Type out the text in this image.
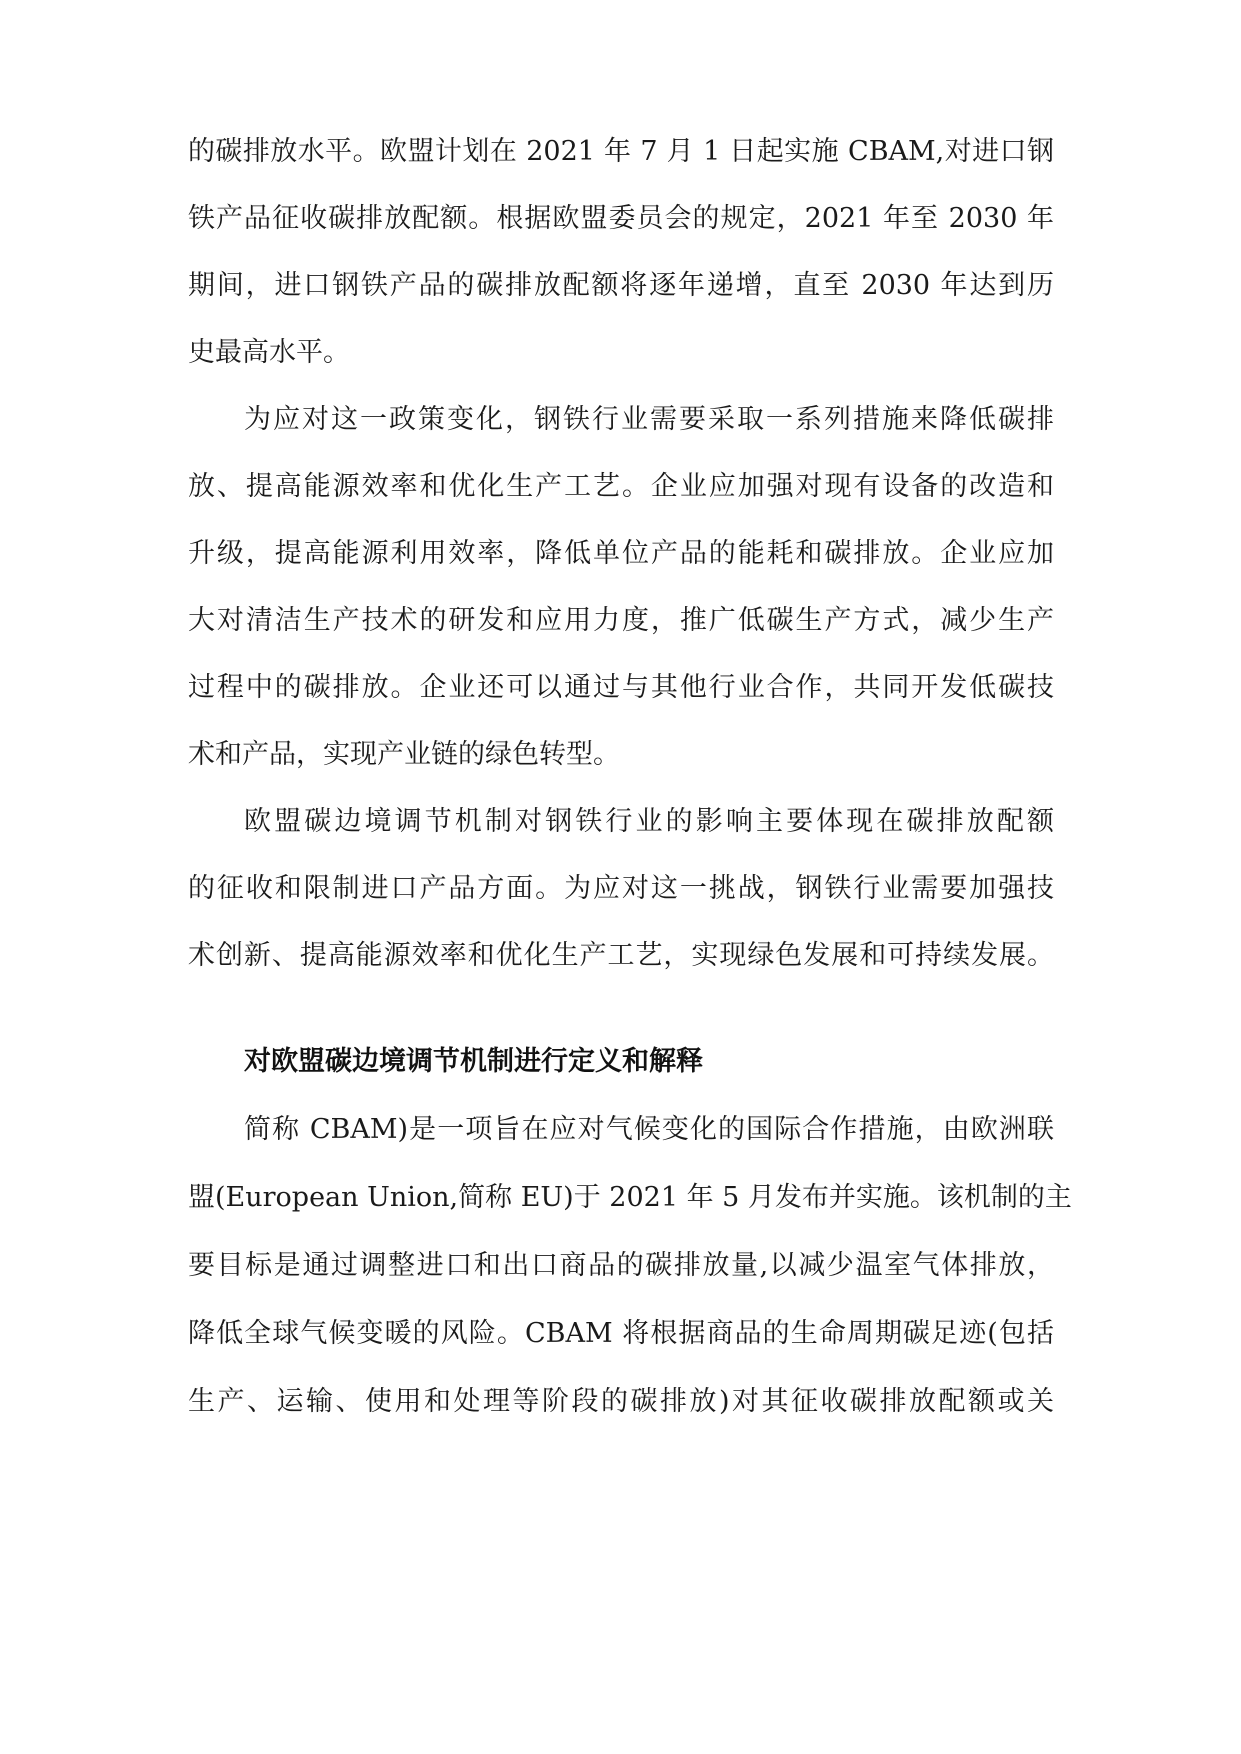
的碳排放水平。欧盟计划在 2021 年 7 月 1 日起实施 CBAM,对进口钢
铁产品征收碳排放配额。根据欧盟委员会的规定，2021 年至 2030 年
期间，进口钢铁产品的碳排放配额将逐年递增，直至 2030 年达到历
史最高水平。
为应对这一政策变化，钢铁行业需要采取一系列措施来降低碳排
放、提高能源效率和优化生产工艺。企业应加强对现有设备的改造和
升级，提高能源利用效率，降低单位产品的能耗和碳排放。企业应加
大对清洁生产技术的研发和应用力度，推广低碳生产方式，减少生产
过程中的碳排放。企业还可以通过与其他行业合作，共同开发低碳技
术和产品，实现产业链的绿色转型。
欧盟碳边境调节机制对钢铁行业的影响主要体现在碳排放配额
的征收和限制进口产品方面。为应对这一挑战，钢铁行业需要加强技
术创新、提高能源效率和优化生产工艺，实现绿色发展和可持续发展。
对欧盟碳边境调节机制进行定义和解释
简称 CBAM)是一项旨在应对气候变化的国际合作措施，由欧洲联
盟(European Union,简称 EU)于 2021 年 5 月发布并实施。该机制的主
要目标是通过调整进口和出口商品的碳排放量,以减少温室气体排放，
降低全球气候变暖的风险。CBAM 将根据商品的生命周期碳足迹(包括
生产、运输、使用和处理等阶段的碳排放)对其征收碳排放配额或关
